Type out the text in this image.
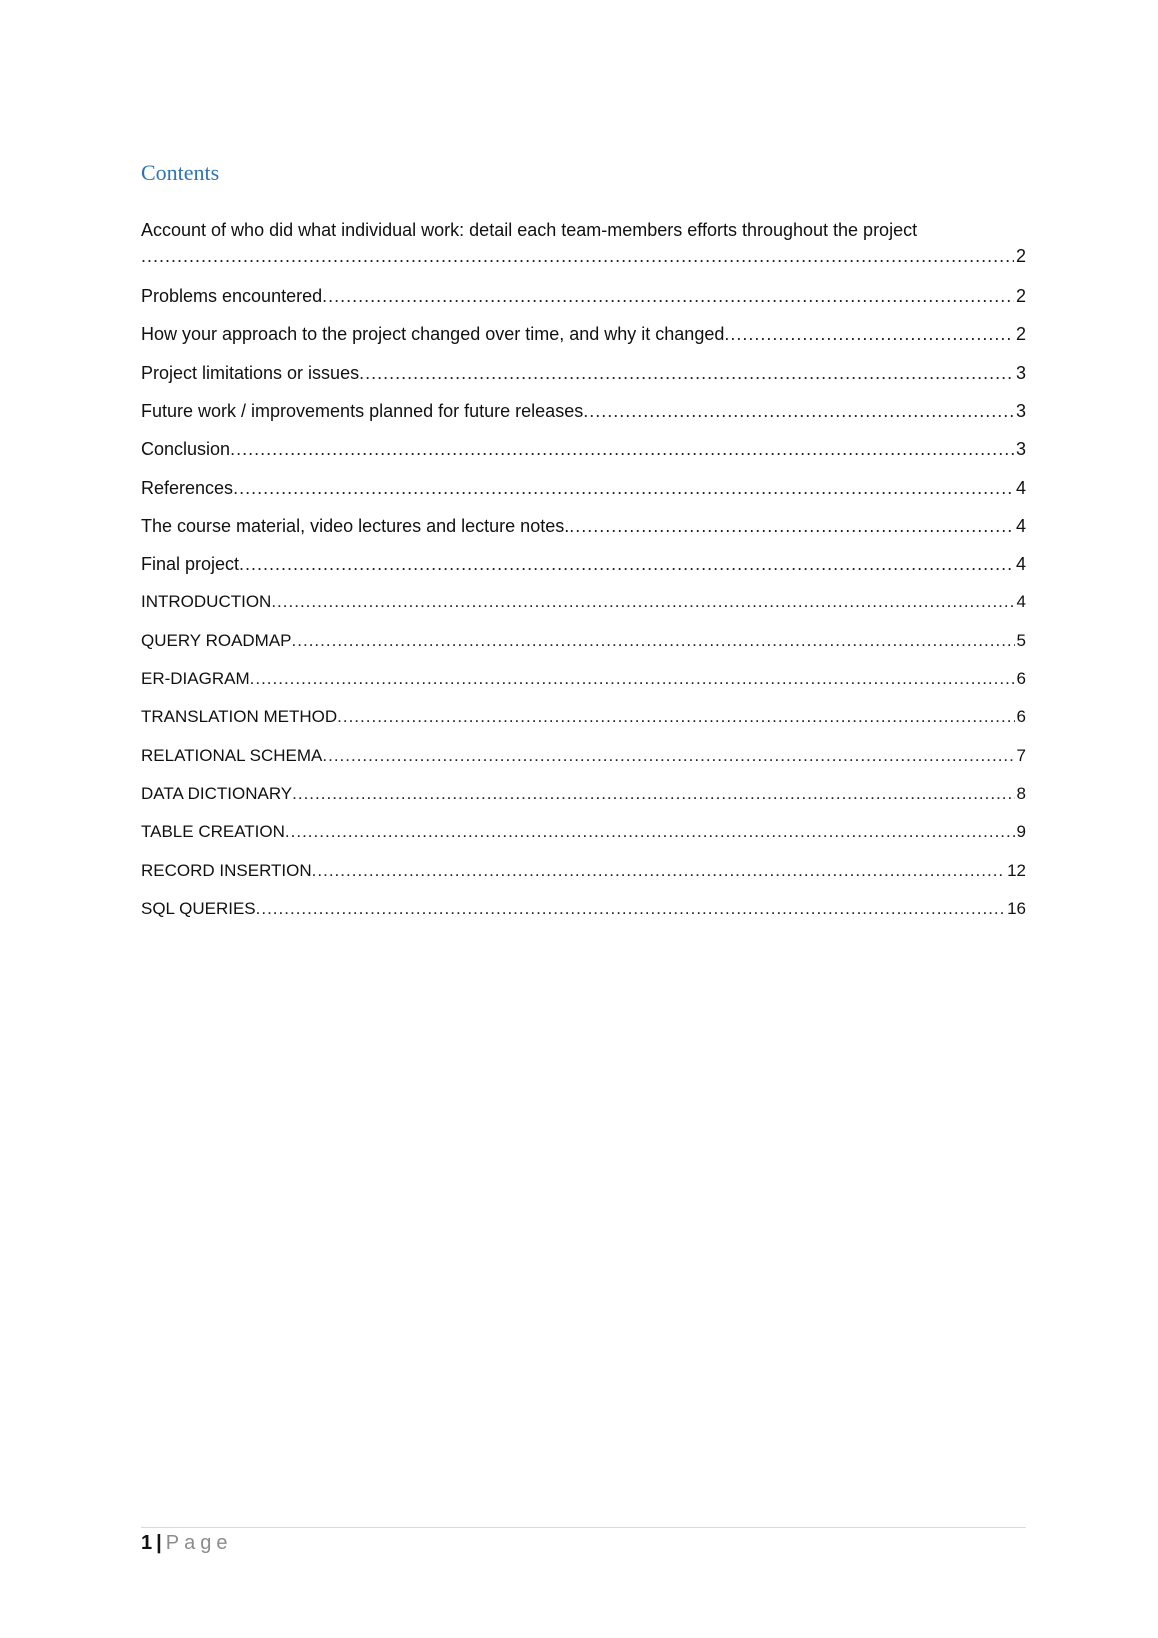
Contents
Account of who did what individual work: detail each team-members efforts throughout the project
.....
2
Problems encountered .....	2
How your approach to the project changed over time, and why it changed .....	2
Project limitations or issues .....	3
Future work / improvements planned for future releases .....	3
Conclusion .....	3
References .....	4
The course material, video lectures and lecture notes. .....	4
Final project .....	4
INTRODUCTION .....	4
QUERY ROADMAP .....	5
ER-DIAGRAM .....	6
TRANSLATION METHOD .....	6
RELATIONAL SCHEMA .....	7
DATA DICTIONARY .....	8
TABLE CREATION .....	9
RECORD INSERTION .....	12
SQL QUERIES .....	16
1 | Page
